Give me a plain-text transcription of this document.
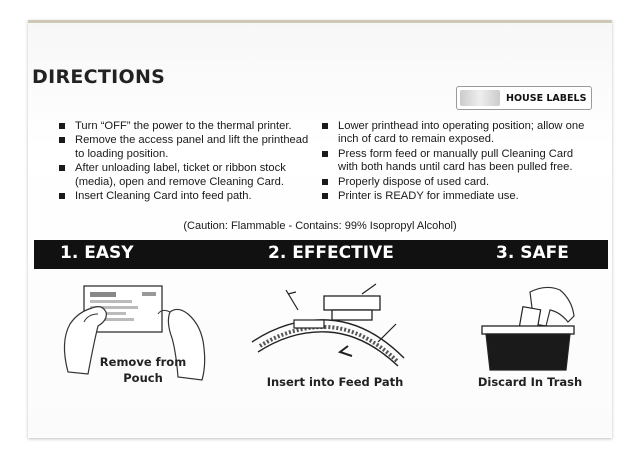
DIRECTIONS
HOUSE LABELS
Turn “OFF” the power to the thermal printer.
Remove the access panel and lift the printhead to loading position.
After unloading label, ticket or ribbon stock (media), open and remove Cleaning Card.
Insert Cleaning Card into feed path.
Lower printhead into operating position; allow one inch of card to remain exposed.
Press form feed or manually pull Cleaning Card with both hands until card has been pulled free.
Properly dispose of used card.
Printer is READY for immediate use.
(Caution: Flammable - Contains: 99% Isopropyl Alcohol)
1. EASY	2. EFFECTIVE	3. SAFE
Remove from
Pouch	Insert into Feed Path	Discard In Trash
